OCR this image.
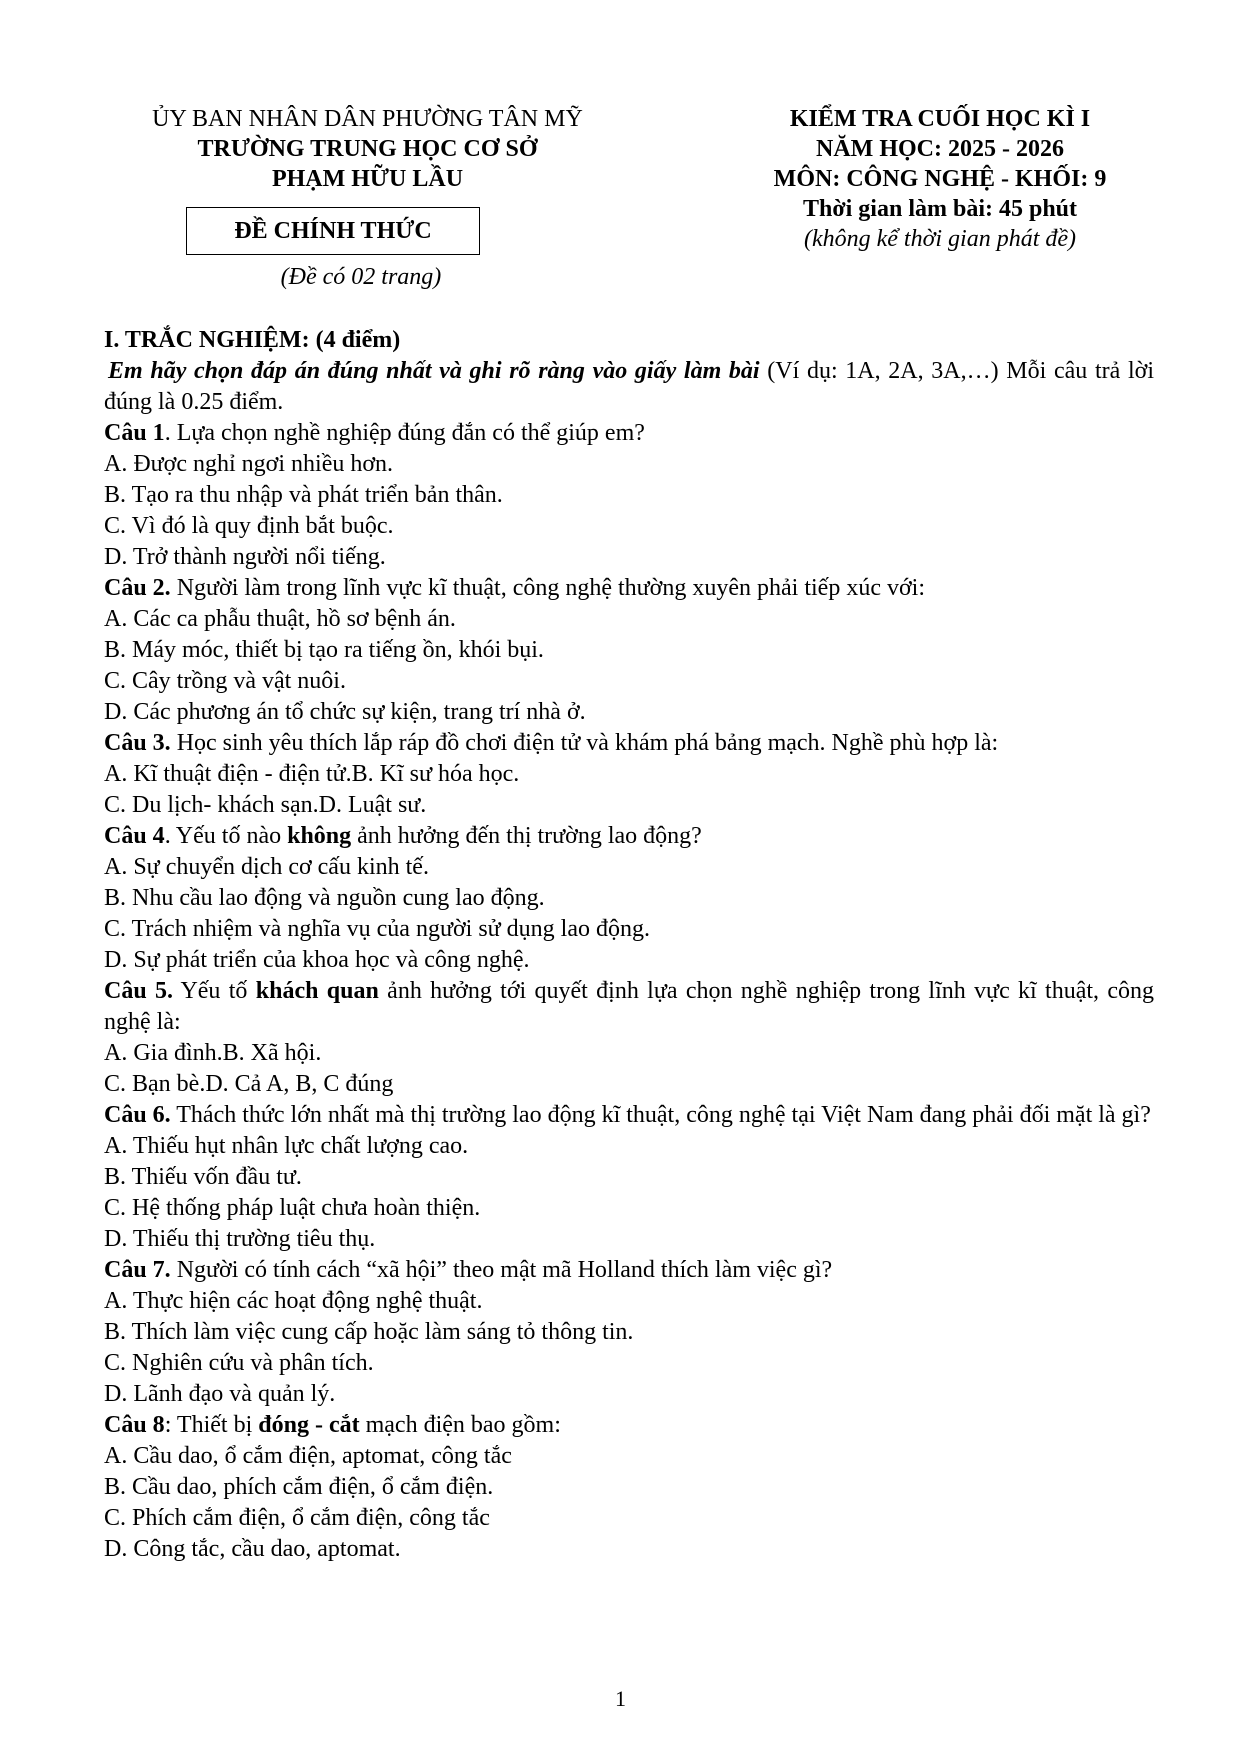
ỦY BAN NHÂN DÂN PHƯỜNG TÂN MỸ
TRƯỜNG TRUNG HỌC CƠ SỞ
PHẠM HỮU LẦU
ĐỀ CHÍNH THỨC
(Đề có 02 trang)
KIỂM TRA CUỐI HỌC KÌ I
NĂM HỌC: 2025 - 2026
MÔN: CÔNG NGHỆ - KHỐI: 9
Thời gian làm bài: 45 phút
(không kể thời gian phát đề)

I. TRẮC NGHIỆM: (4 điểm)

Em hãy chọn đáp án đúng nhất và ghi rõ ràng vào giấy làm bài (Ví dụ: 1A, 2A, 3A,…) Mỗi câu trả lời đúng là 0.25 điểm.

Câu 1. Lựa chọn nghề nghiệp đúng đắn có thể giúp em?

A. Được nghỉ ngơi nhiều hơn.

B. Tạo ra thu nhập và phát triển bản thân.

C. Vì đó là quy định bắt buộc.

D. Trở thành người nổi tiếng.

Câu 2. Người làm trong lĩnh vực kĩ thuật, công nghệ thường xuyên phải tiếp xúc với:

A. Các ca phẫu thuật, hồ sơ bệnh án.

B. Máy móc, thiết bị tạo ra tiếng ồn, khói bụi.

C. Cây trồng và vật nuôi.

D. Các phương án tổ chức sự kiện, trang trí nhà ở.

Câu 3. Học sinh yêu thích lắp ráp đồ chơi điện tử và khám phá bảng mạch. Nghề phù hợp là:

A. Kĩ thuật điện - điện tử.B. Kĩ sư hóa học.

C. Du lịch- khách sạn.D. Luật sư.

Câu 4. Yếu tố nào không ảnh hưởng đến thị trường lao động?

A. Sự chuyển dịch cơ cấu kinh tế.

B. Nhu cầu lao động và nguồn cung lao động.

C. Trách nhiệm và nghĩa vụ của người sử dụng lao động.

D. Sự phát triển của khoa học và công nghệ.

Câu 5. Yếu tố khách quan ảnh hưởng tới quyết định lựa chọn nghề nghiệp trong lĩnh vực kĩ thuật, công nghệ là:

A. Gia đình.B. Xã hội.

C. Bạn bè.D. Cả A, B, C đúng

Câu 6. Thách thức lớn nhất mà thị trường lao động kĩ thuật, công nghệ tại Việt Nam đang phải đối mặt là gì?

A. Thiếu hụt nhân lực chất lượng cao.

B. Thiếu vốn đầu tư.

C. Hệ thống pháp luật chưa hoàn thiện.

D. Thiếu thị trường tiêu thụ.

Câu 7. Người có tính cách “xã hội” theo mật mã Holland thích làm việc gì?

A. Thực hiện các hoạt động nghệ thuật.

B. Thích làm việc cung cấp hoặc làm sáng tỏ thông tin.

C. Nghiên cứu và phân tích.

D. Lãnh đạo và quản lý.

Câu 8: Thiết bị đóng - cắt mạch điện bao gồm:

A. Cầu dao, ổ cắm điện, aptomat, công tắc

B. Cầu dao, phích cắm điện, ổ cắm điện.

C. Phích cắm điện, ổ cắm điện, công tắc

D. Công tắc, cầu dao, aptomat.

1
